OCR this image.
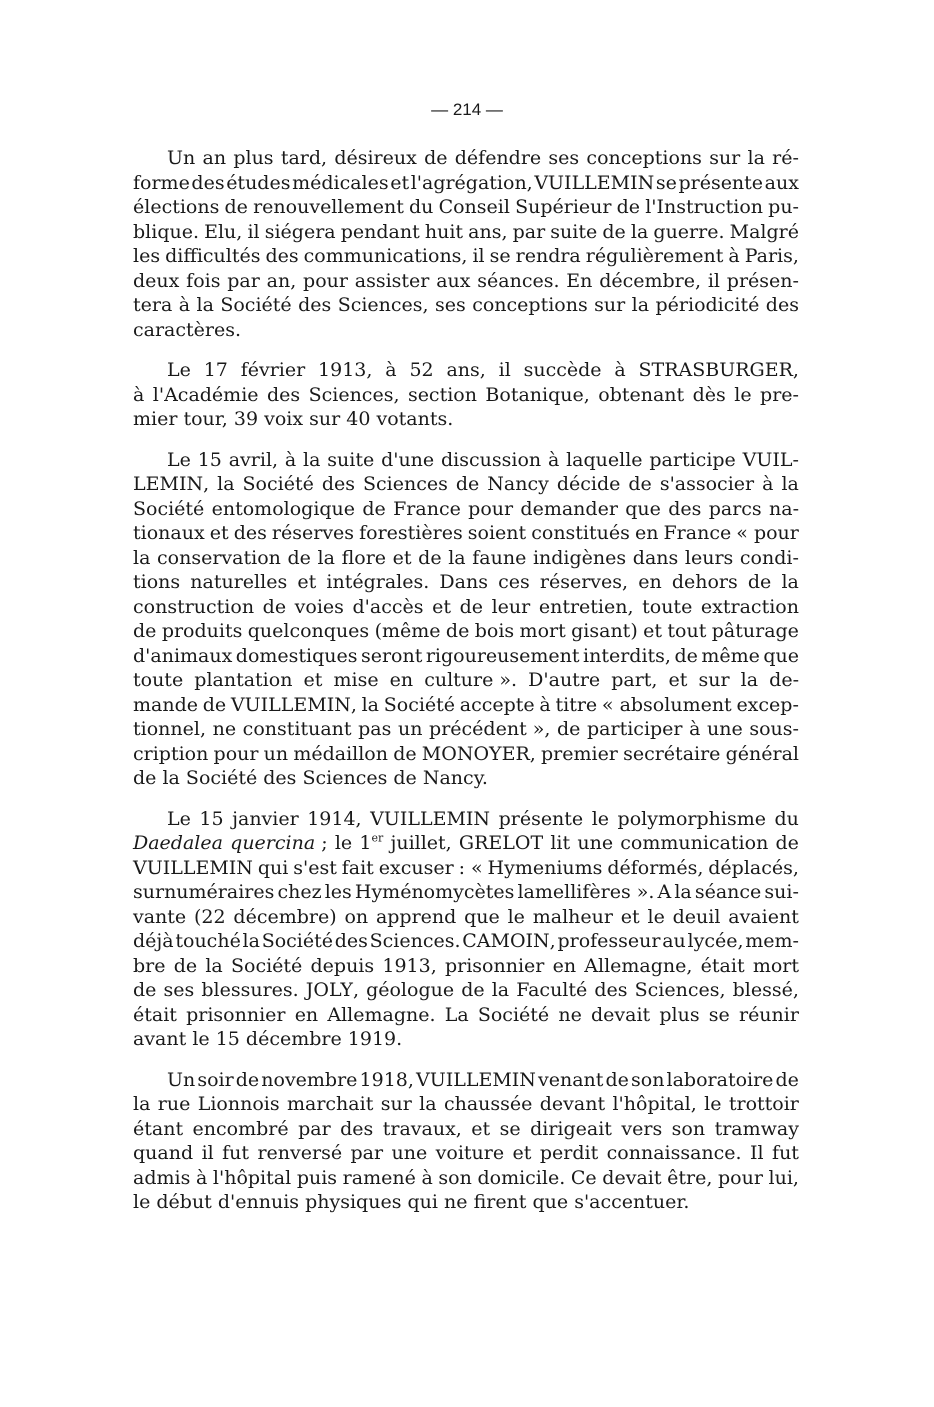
— 214 —
Un an plus tard, désireux de défendre ses conceptions sur la ré-
forme des études médicales et l'agrégation, VUILLEMIN se présente aux
élections de renouvellement du Conseil Supérieur de l'Instruction pu-
blique. Elu, il siégera pendant huit ans, par suite de la guerre. Malgré
les difficultés des communications, il se rendra régulièrement à Paris,
deux fois par an, pour assister aux séances. En décembre, il présen-
tera à la Société des Sciences, ses conceptions sur la périodicité des
caractères.
Le 17 février 1913, à 52 ans, il succède à STRASBURGER,
à l'Académie des Sciences, section Botanique, obtenant dès le pre-
mier
tour,
39
voix
sur
40
votants.
Le 15 avril, à la suite d'une discussion à laquelle participe VUIL-
LEMIN, la Société des Sciences de Nancy décide de s'associer à la
Société entomologique de France pour demander que des parcs na-
tionaux et des réserves forestières soient constitués en France « pour
la conservation de la flore et de la faune indigènes dans leurs condi-
tions naturelles et intégrales. Dans ces réserves, en dehors de la
construction de voies d'accès et de leur entretien, toute extraction
de produits quelconques (même de bois mort gisant) et tout pâturage
d'animaux domestiques seront rigoureusement interdits, de même que
toute plantation et mise en culture ». D'autre part, et sur la de-
mande de VUILLEMIN, la Société accepte à titre « absolument excep-
tionnel, ne constituant pas un précédent », de participer à une sous-
cription pour un médaillon de MONOYER, premier secrétaire général
de
la
Société
des
Sciences
de
Nancy.
Le 15 janvier 1914, VUILLEMIN présente le polymorphisme du
Daedalea quercina ; le 1er juillet, GRELOT lit une communication de
VUILLEMIN qui s'est fait excuser : « Hymeniums déformés, déplacés,
surnuméraires chez les Hyménomycètes lamellifères ». A la séance sui-
vante (22 décembre) on apprend que le malheur et le deuil avaient
déjà touché la Société des Sciences. CAMOIN, professeur au lycée, mem-
bre de la Société depuis 1913, prisonnier en Allemagne, était mort
de ses blessures. JOLY, géologue de la Faculté des Sciences, blessé,
était prisonnier en Allemagne. La Société ne devait plus se réunir
avant
le
15
décembre
1919.
Un soir de novembre 1918, VUILLEMIN venant de son laboratoire de
la rue Lionnois marchait sur la chaussée devant l'hôpital, le trottoir
étant encombré par des travaux, et se dirigeait vers son tramway
quand il fut renversé par une voiture et perdit connaissance. Il fut
admis à l'hôpital puis ramené à son domicile. Ce devait être, pour lui,
le
début
d'ennuis
physiques
qui
ne
firent
que
s'accentuer.
